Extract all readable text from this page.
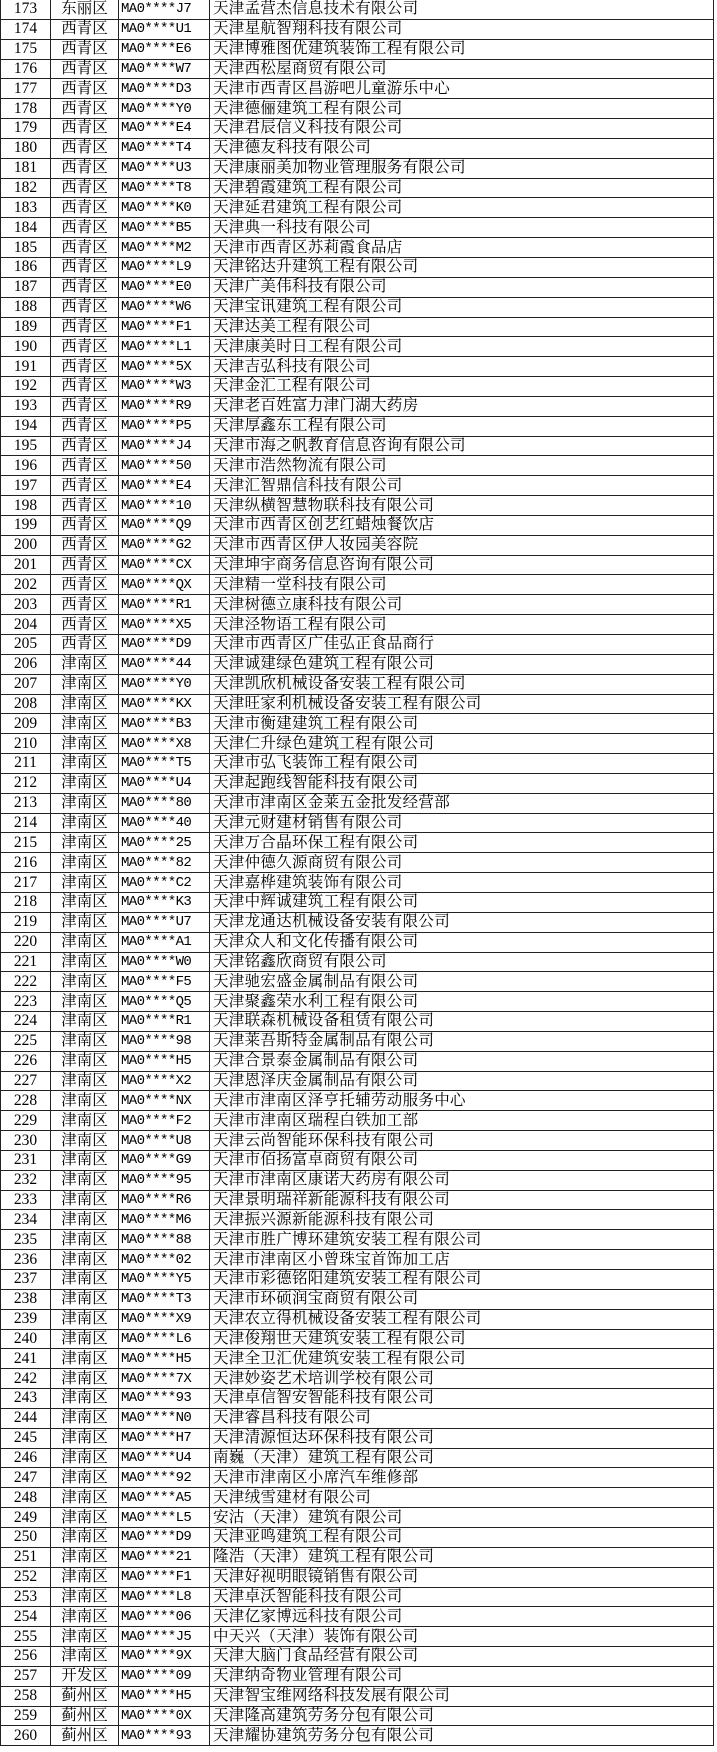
173	东丽区	MA0****J7	天津孟营杰信息技术有限公司
174	西青区	MA0****U1	天津星航智翔科技有限公司
175	西青区	MA0****E6	天津博雅图优建筑装饰工程有限公司
176	西青区	MA0****W7	天津西松屋商贸有限公司
177	西青区	MA0****D3	天津市西青区昌游吧儿童游乐中心
178	西青区	MA0****Y0	天津德俪建筑工程有限公司
179	西青区	MA0****E4	天津君辰信义科技有限公司
180	西青区	MA0****T4	天津德友科技有限公司
181	西青区	MA0****U3	天津康丽美加物业管理服务有限公司
182	西青区	MA0****T8	天津碧霞建筑工程有限公司
183	西青区	MA0****K0	天津延君建筑工程有限公司
184	西青区	MA0****B5	天津典一科技有限公司
185	西青区	MA0****M2	天津市西青区苏莉霞食品店
186	西青区	MA0****L9	天津铭达升建筑工程有限公司
187	西青区	MA0****E0	天津广美伟科技有限公司
188	西青区	MA0****W6	天津宝讯建筑工程有限公司
189	西青区	MA0****F1	天津达美工程有限公司
190	西青区	MA0****L1	天津康美时日工程有限公司
191	西青区	MA0****5X	天津吉弘科技有限公司
192	西青区	MA0****W3	天津金汇工程有限公司
193	西青区	MA0****R9	天津老百姓富力津门湖大药房
194	西青区	MA0****P5	天津厚鑫东工程有限公司
195	西青区	MA0****J4	天津市海之帆教育信息咨询有限公司
196	西青区	MA0****50	天津市浩然物流有限公司
197	西青区	MA0****E4	天津汇智鼎信科技有限公司
198	西青区	MA0****10	天津纵横智慧物联科技有限公司
199	西青区	MA0****Q9	天津市西青区创艺红蜡烛餐饮店
200	西青区	MA0****G2	天津市西青区伊人妆园美容院
201	西青区	MA0****CX	天津坤宇商务信息咨询有限公司
202	西青区	MA0****QX	天津精一堂科技有限公司
203	西青区	MA0****R1	天津树德立康科技有限公司
204	西青区	MA0****X5	天津泾物语工程有限公司
205	西青区	MA0****D9	天津市西青区广佳弘正食品商行
206	津南区	MA0****44	天津诚建绿色建筑工程有限公司
207	津南区	MA0****Y0	天津凯欣机械设备安装工程有限公司
208	津南区	MA0****KX	天津旺家利机械设备安装工程有限公司
209	津南区	MA0****B3	天津市衡建建筑工程有限公司
210	津南区	MA0****X8	天津仁升绿色建筑工程有限公司
211	津南区	MA0****T5	天津市弘飞装饰工程有限公司
212	津南区	MA0****U4	天津起跑线智能科技有限公司
213	津南区	MA0****80	天津市津南区金莱五金批发经营部
214	津南区	MA0****40	天津元财建材销售有限公司
215	津南区	MA0****25	天津万合晶环保工程有限公司
216	津南区	MA0****82	天津仲德久源商贸有限公司
217	津南区	MA0****C2	天津嘉桦建筑装饰有限公司
218	津南区	MA0****K3	天津中辉诚建筑工程有限公司
219	津南区	MA0****U7	天津龙通达机械设备安装有限公司
220	津南区	MA0****A1	天津众人和文化传播有限公司
221	津南区	MA0****W0	天津铭鑫欣商贸有限公司
222	津南区	MA0****F5	天津驰宏盛金属制品有限公司
223	津南区	MA0****Q5	天津聚鑫荣水利工程有限公司
224	津南区	MA0****R1	天津联森机械设备租赁有限公司
225	津南区	MA0****98	天津莱吾斯特金属制品有限公司
226	津南区	MA0****H5	天津合景泰金属制品有限公司
227	津南区	MA0****X2	天津恩泽庆金属制品有限公司
228	津南区	MA0****NX	天津市津南区泽亨托辅劳动服务中心
229	津南区	MA0****F2	天津市津南区瑞程白铁加工部
230	津南区	MA0****U8	天津云尚智能环保科技有限公司
231	津南区	MA0****G9	天津市佰扬富卓商贸有限公司
232	津南区	MA0****95	天津市津南区康诺大药房有限公司
233	津南区	MA0****R6	天津景明瑞祥新能源科技有限公司
234	津南区	MA0****M6	天津振兴源新能源科技有限公司
235	津南区	MA0****88	天津市胜广博环建筑安装工程有限公司
236	津南区	MA0****02	天津市津南区小曾珠宝首饰加工店
237	津南区	MA0****Y5	天津市彩德铭阳建筑安装工程有限公司
238	津南区	MA0****T3	天津市环硕润宝商贸有限公司
239	津南区	MA0****X9	天津农立得机械设备安装工程有限公司
240	津南区	MA0****L6	天津俊翔世天建筑安装工程有限公司
241	津南区	MA0****H5	天津全卫汇优建筑安装工程有限公司
242	津南区	MA0****7X	天津妙姿艺术培训学校有限公司
243	津南区	MA0****93	天津卓信智安智能科技有限公司
244	津南区	MA0****N0	天津睿昌科技有限公司
245	津南区	MA0****H7	天津清源恒达环保科技有限公司
246	津南区	MA0****U4	南巍（天津）建筑工程有限公司
247	津南区	MA0****92	天津市津南区小席汽车维修部
248	津南区	MA0****A5	天津绒雪建材有限公司
249	津南区	MA0****L5	安沽（天津）建筑有限公司
250	津南区	MA0****D9	天津亚鸣建筑工程有限公司
251	津南区	MA0****21	隆浩（天津）建筑工程有限公司
252	津南区	MA0****F1	天津好视明眼镜销售有限公司
253	津南区	MA0****L8	天津卓沃智能科技有限公司
254	津南区	MA0****06	天津亿家博远科技有限公司
255	津南区	MA0****J5	中天兴（天津）装饰有限公司
256	津南区	MA0****9X	天津大脑门食品经营有限公司
257	开发区	MA0****09	天津纳奇物业管理有限公司
258	蓟州区	MA0****H5	天津智宝维网络科技发展有限公司
259	蓟州区	MA0****0X	天津隆高建筑劳务分包有限公司
260	蓟州区	MA0****93	天津耀协建筑劳务分包有限公司
